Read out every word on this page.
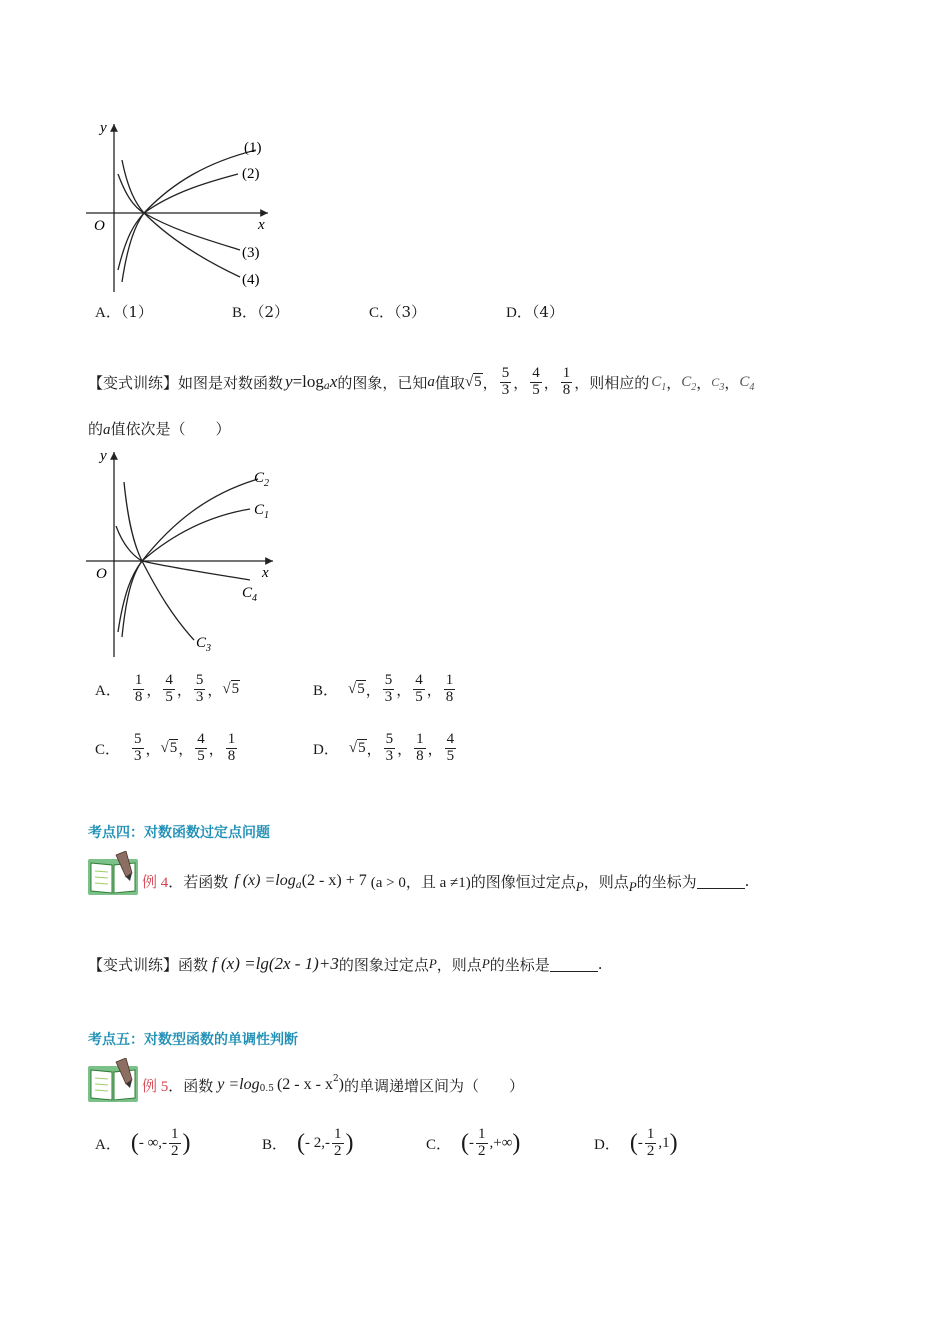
y
x
O
(1)
(2)
(3)
(4)
A．（1）	B．（2）	C．（3）	D．（4）
【变式训练】 如图是对数函数 y =log a x 的图象，已知 a 值取 √5 ， $\frac{5}{3}$ ， $\frac{4}{5}$ ， $\frac{1}{8}$ ，则相应的 $C_1$ ， $C_2$ ， $C_3$ ， $C_4$
的a值依次是（　　）
y
x
O
$C_2$
$C_1$
$C_4$
$C_3$
A． $\frac{1}{8}$ ， $\frac{4}{5}$ ， $\frac{5}{3}$ ， √5	B． √5 ， $\frac{5}{3}$ ， $\frac{4}{5}$ ， $\frac{1}{8}$
C． $\frac{5}{3}$ ， √5 ， $\frac{4}{5}$ ， $\frac{1}{8}$	D． √5 ， $\frac{5}{3}$ ， $\frac{1}{8}$ ， $\frac{4}{5}$
考点四：对数函数过定点问题
例 4 ．若函数 f (x) =log a (2 - x) + 7 (a > 0，且 a ≠1) 的图像恒过定点 P ，则点 P 的坐标为	.
【变式训练】 函数 f (x) =lg(2x - 1)+3 的图象过定点 P ，则点 P 的坐标是	.
考点五：对数型函数的单调性判断
例 5 ．函数 y =log 0.5 (2 - x - x 2 ) 的单调递增区间为（　　）
A． ( - ∞,- $\frac{1}{2}$ )	B． ( - $2,- \frac{1}{2}$ )	C． ( - $\frac{1}{2}$ ,+∞ )	D． ( - $\frac{1}{2} ,1$ )
